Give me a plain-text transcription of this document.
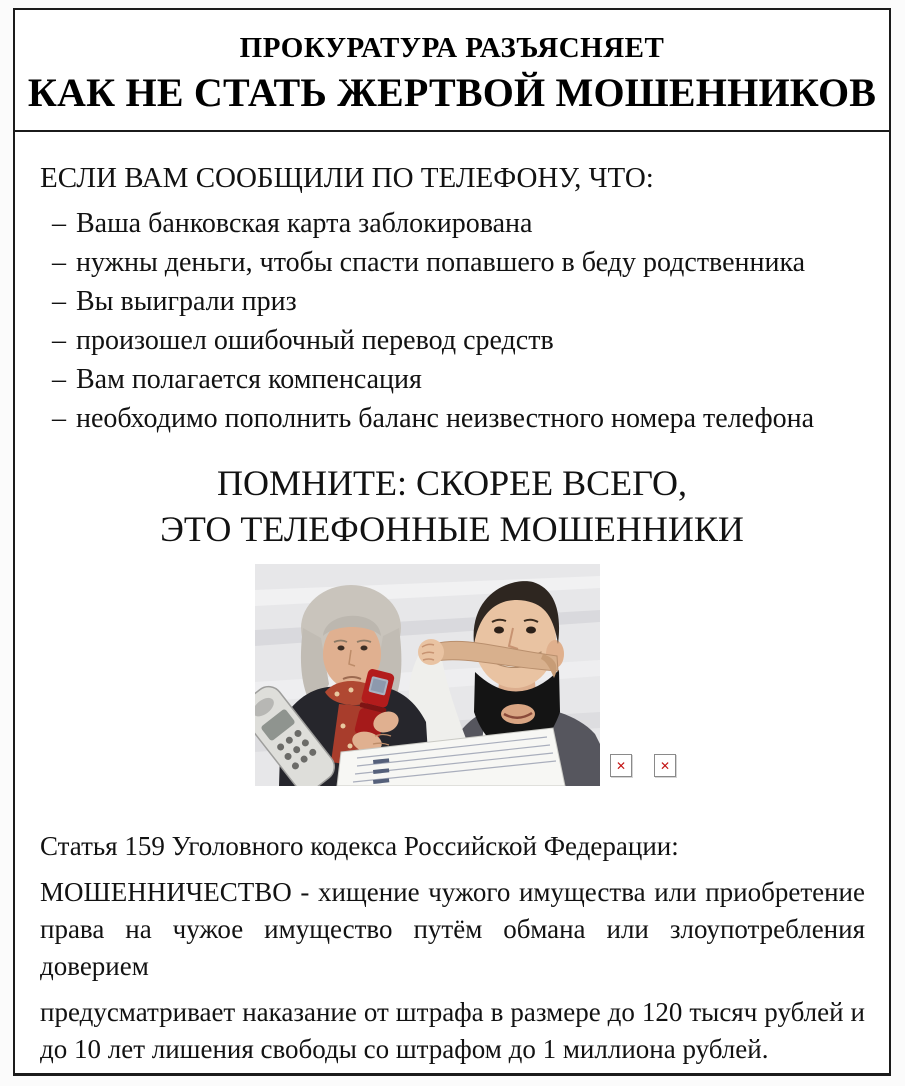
ПРОКУРАТУРА РАЗЪЯСНЯЕТ
КАК НЕ СТАТЬ ЖЕРТВОЙ МОШЕННИКОВ
ЕСЛИ ВАМ СООБЩИЛИ ПО ТЕЛЕФОНУ, ЧТО:
– Ваша банковская карта заблокирована
– нужны деньги, чтобы спасти попавшего в беду родственника
– Вы выиграли приз
– произошел ошибочный перевод средств
– Вам полагается компенсация
– необходимо пополнить баланс неизвестного номера телефона
ПОМНИТЕ: СКОРЕЕ ВСЕГО,
ЭТО ТЕЛЕФОННЫЕ МОШЕННИКИ
✕	✕
Статья 159 Уголовного кодекса Российской Федерации:
МОШЕННИЧЕСТВО - хищение чужого имущества или приобретение
права на чужое имущество путём обмана или злоупотребления
доверием
предусматривает наказание от штрафа в размере до 120 тысяч рублей и
до 10 лет лишения свободы со штрафом до 1 миллиона рублей.
